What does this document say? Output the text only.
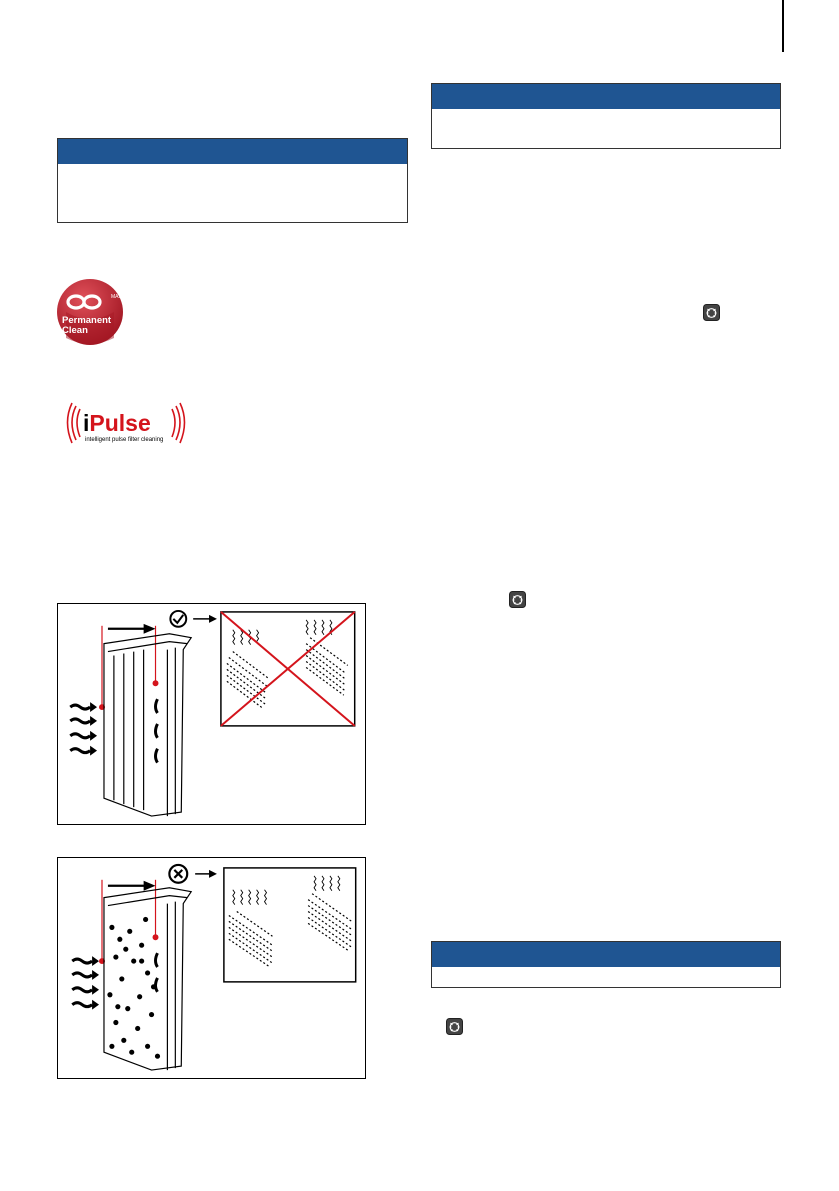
MAX
Permanent
Clean
iPulse
intelligent pulse filter cleaning
